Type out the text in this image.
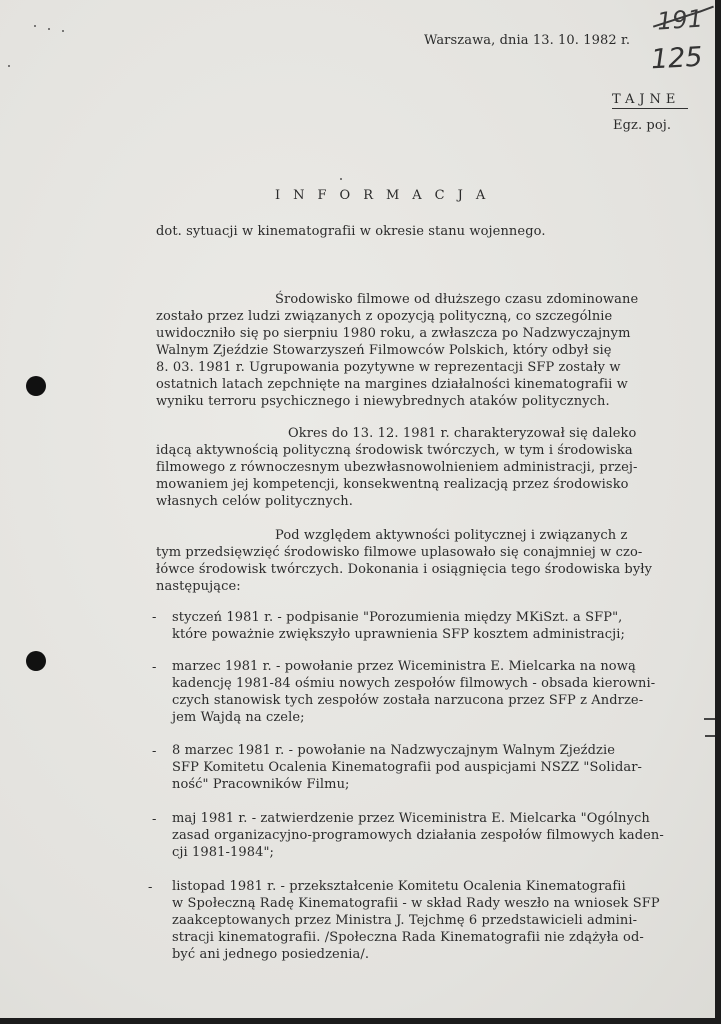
Warszawa, dnia 13. 10. 1982 r.
191
125
TAJNE
Egz. poj.
INFORMACJA
dot. sytuacji w kinematografii w okresie stanu wojennego.
Środowisko filmowe od dłuższego czasu zdominowane
zostało przez ludzi związanych z opozycją polityczną, co szczególnie
uwidoczniło się po sierpniu 1980 roku, a zwłaszcza po Nadzwyczajnym
Walnym Zjeździe Stowarzyszeń Filmowców Polskich, który odbył się
8. 03. 1981 r. Ugrupowania pozytywne w reprezentacji SFP zostały w
ostatnich latach zepchnięte na margines działalności kinematografii w
wyniku terroru psychicznego i niewybrednych ataków politycznych.
Okres do 13. 12. 1981 r. charakteryzował się daleko
idącą aktywnością polityczną środowisk twórczych, w tym i środowiska
filmowego z równoczesnym ubezwłasnowolnieniem administracji, przej-
mowaniem jej kompetencji, konsekwentną realizacją przez środowisko
własnych celów politycznych.
Pod względem aktywności politycznej i związanych z
tym przedsięwzięć środowisko filmowe uplasowało się conajmniej w czo-
łówce środowisk twórczych. Dokonania i osiągnięcia tego środowiska były
następujące:
- styczeń 1981 r. - podpisanie "Porozumienia między MKiSzt. a SFP",
które poważnie zwiększyło uprawnienia SFP kosztem administracji;
- marzec 1981 r. - powołanie przez Wiceministra E. Mielcarka na nową
kadencję 1981-84 ośmiu nowych zespołów filmowych - obsada kierowni-
czych stanowisk tych zespołów została narzucona przez SFP z Andrze-
jem Wajdą na czele;
- 8 marzec 1981 r. - powołanie na Nadzwyczajnym Walnym Zjeździe
SFP Komitetu Ocalenia Kinematografii pod auspicjami NSZZ "Solidar-
ność" Pracowników Filmu;
- maj 1981 r. - zatwierdzenie przez Wiceministra E. Mielcarka "Ogólnych
zasad organizacyjno-programowych działania zespołów filmowych kaden-
cji 1981-1984";
- listopad 1981 r. - przekształcenie Komitetu Ocalenia Kinematografii
w Społeczną Radę Kinematografii - w skład Rady weszło na wniosek SFP
zaakceptowanych przez Ministra J. Tejchmę 6 przedstawicieli admini-
stracji kinematografii. /Społeczna Rada Kinematografii nie zdążyła od-
być ani jednego posiedzenia/.
